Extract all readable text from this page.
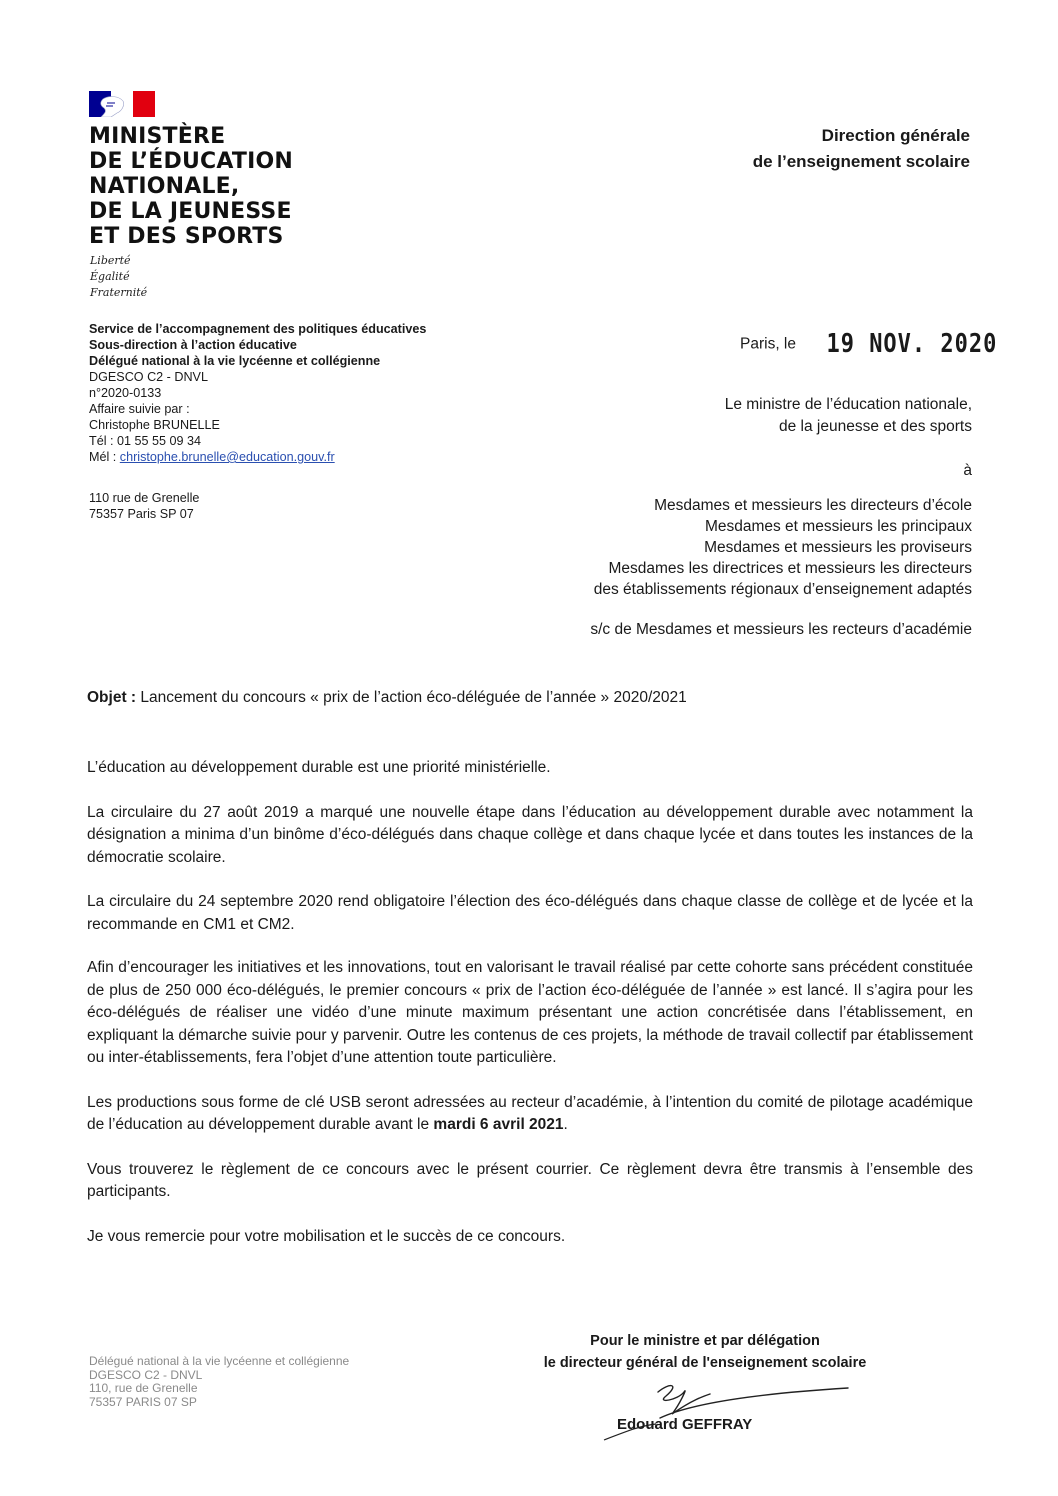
MINISTÈRE
DE L’ÉDUCATION
NATIONALE,
DE LA JEUNESSE
ET DES SPORTS
Liberté
Égalité
Fraternité
Direction générale
de l’enseignement scolaire
Service de l’accompagnement des politiques éducatives
Sous-direction à l’action éducative
Délégué national à la vie lycéenne et collégienne
DGESCO C2 - DNVL
n°2020-0133
Affaire suivie par :
Christophe BRUNELLE
Tél : 01 55 55 09 34
Mél : christophe.brunelle@education.gouv.fr
110 rue de Grenelle
75357 Paris SP 07
Paris, le 19 NOV. 2020
Le ministre de l’éducation nationale,
de la jeunesse et des sports
à
Mesdames et messieurs les directeurs d’école
Mesdames et messieurs les principaux
Mesdames et messieurs les proviseurs
Mesdames les directrices et messieurs les directeurs
des établissements régionaux d’enseignement adaptés
s/c de Mesdames et messieurs les recteurs d’académie
Objet : Lancement du concours « prix de l’action éco-déléguée de l’année » 2020/2021

L’éducation au développement durable est une priorité ministérielle.

La circulaire du 27 août 2019 a marqué une nouvelle étape dans l’éducation au développement durable avec notamment la désignation a minima d’un binôme d’éco-délégués dans chaque collège et dans chaque lycée et dans toutes les instances de la démocratie scolaire.

La circulaire du 24 septembre 2020 rend obligatoire l’élection des éco-délégués dans chaque classe de collège et de lycée et la recommande en CM1 et CM2.

Afin d’encourager les initiatives et les innovations, tout en valorisant le travail réalisé par cette cohorte sans précédent constituée de plus de 250 000 éco-délégués, le premier concours « prix de l’action éco-déléguée de l’année » est lancé. Il s’agira pour les éco-délégués de réaliser une vidéo d’une minute maximum présentant une action concrétisée dans l’établissement, en expliquant la démarche suivie pour y parvenir. Outre les contenus de ces projets, la méthode de travail collectif par établissement ou inter-établissements, fera l’objet d’une attention toute particulière.

Les productions sous forme de clé USB seront adressées au recteur d’académie, à l’intention du comité de pilotage académique de l’éducation au développement durable avant le mardi 6 avril 2021.

Vous trouverez le règlement de ce concours avec le présent courrier. Ce règlement devra être transmis à l’ensemble des participants.

Je vous remercie pour votre mobilisation et le succès de ce concours.

Pour le ministre et par délégation
le directeur général de l'enseignement scolaire
Edouard GEFFRAY
Délégué national à la vie lycéenne et collégienne
DGESCO C2 - DNVL
110, rue de Grenelle
75357 PARIS 07 SP
